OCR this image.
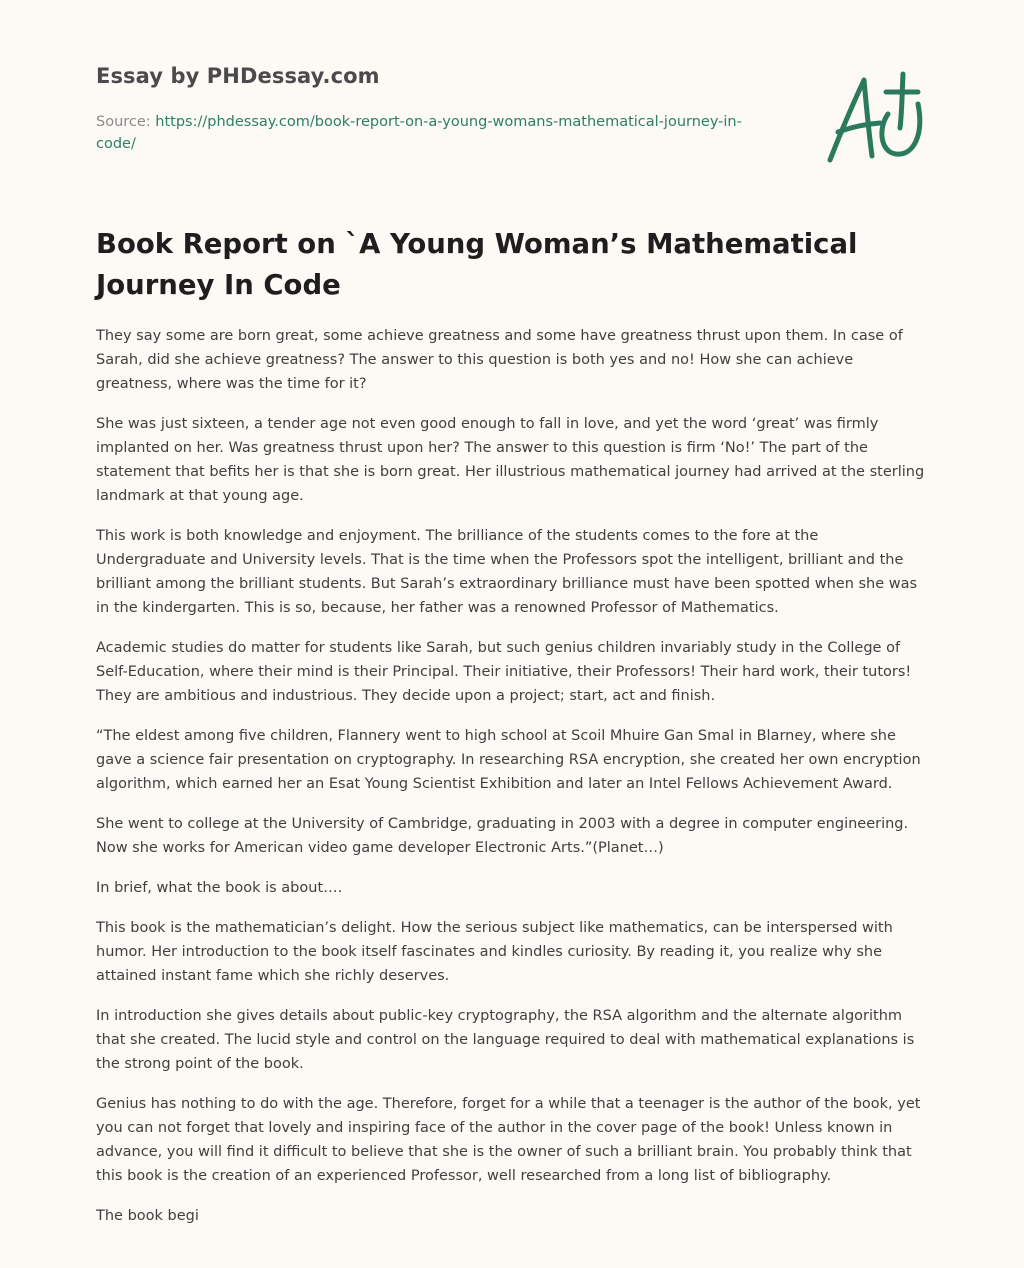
Essay by PHDessay.com
Source: https://phdessay.com/book-report-on-a-young-womans-mathematical-journey-in-code/
Book Report on `A Young Woman’s Mathematical Journey In Code

They say some are born great, some achieve greatness and some have greatness thrust upon them. In case of Sarah, did she achieve greatness? The answer to this question is both yes and no! How she can achieve greatness, where was the time for it?

She was just sixteen, a tender age not even good enough to fall in love, and yet the word ‘great’ was firmly implanted on her. Was greatness thrust upon her? The answer to this question is firm ‘No!’ The part of the statement that befits her is that she is born great. Her illustrious mathematical journey had arrived at the sterling landmark at that young age.

This work is both knowledge and enjoyment. The brilliance of the students comes to the fore at the Undergraduate and University levels. That is the time when the Professors spot the intelligent, brilliant and the brilliant among the brilliant students. But Sarah’s extraordinary brilliance must have been spotted when she was in the kindergarten. This is so, because, her father was a renowned Professor of Mathematics.

Academic studies do matter for students like Sarah, but such genius children invariably study in the College of Self-Education, where their mind is their Principal. Their initiative, their Professors! Their hard work, their tutors! They are ambitious and industrious. They decide upon a project; start, act and finish.

“The eldest among five children, Flannery went to high school at Scoil Mhuire Gan Smal in Blarney, where she gave a science fair presentation on cryptography. In researching RSA encryption, she created her own encryption algorithm, which earned her an Esat Young Scientist Exhibition and later an Intel Fellows Achievement Award.

She went to college at the University of Cambridge, graduating in 2003 with a degree in computer engineering. Now she works for American video game developer Electronic Arts.”(Planet…)

In brief, what the book is about….

This book is the mathematician’s delight. How the serious subject like mathematics, can be interspersed with humor. Her introduction to the book itself fascinates and kindles curiosity. By reading it, you realize why she attained instant fame which she richly deserves.

In introduction she gives details about public-key cryptography, the RSA algorithm and the alternate algorithm that she created. The lucid style and control on the language required to deal with mathematical explanations is the strong point of the book.

Genius has nothing to do with the age. Therefore, forget for a while that a teenager is the author of the book, yet you can not forget that lovely and inspiring face of the author in the cover page of the book! Unless known in advance, you will find it difficult to believe that she is the owner of such a brilliant brain. You probably think that this book is the creation of an experienced Professor, well researched from a long list of bibliography.

The book begi
